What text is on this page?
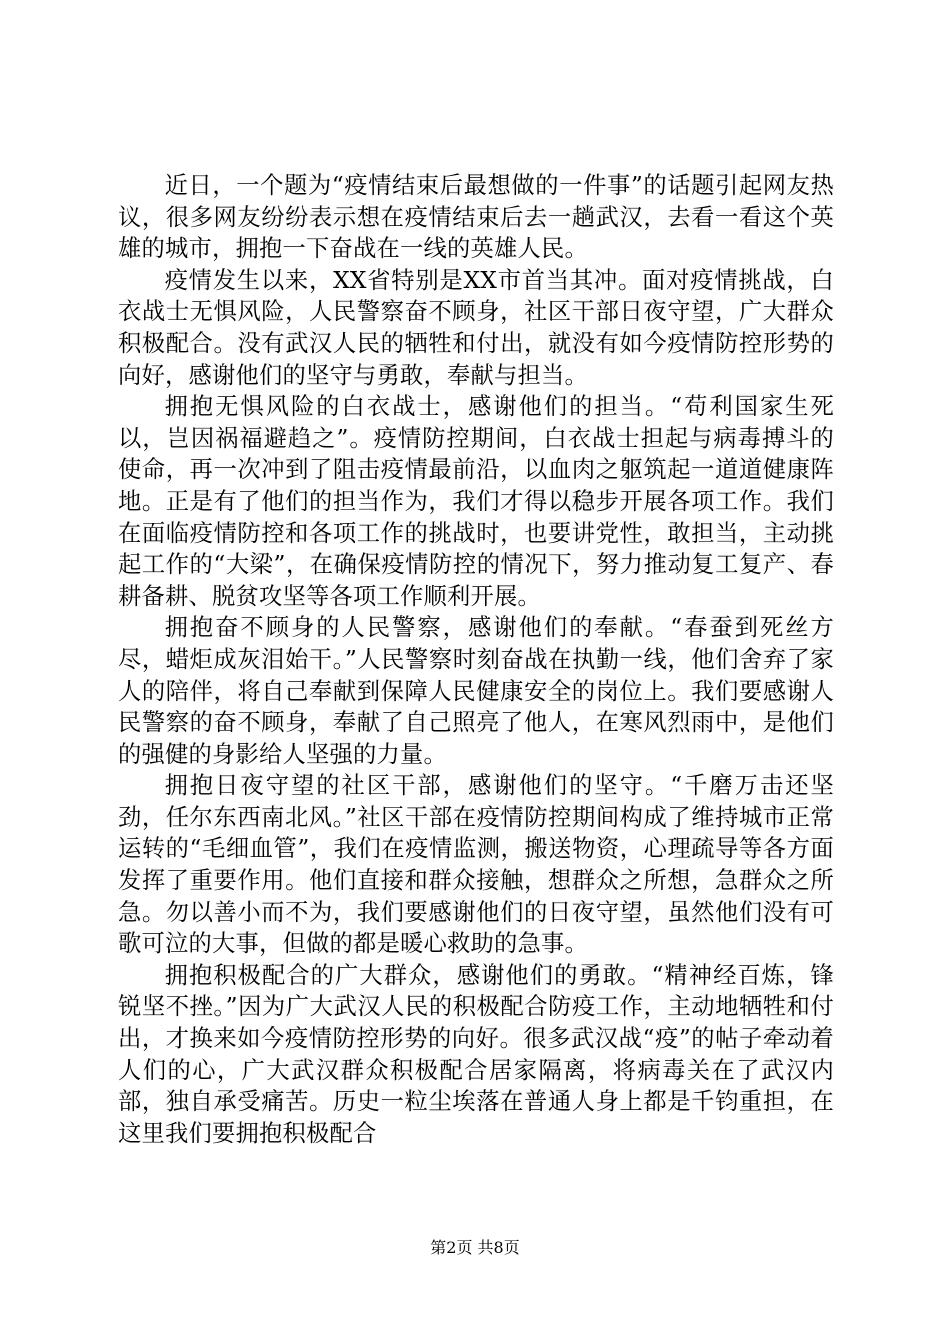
近日，一个题为“疫情结束后最想做的一件事”的话题引起网友热议，很多网友纷纷表示想在疫情结束后去一趟武汉，去看一看这个英雄的城市，拥抱一下奋战在一线的英雄人民。

疫情发生以来，XX省特别是XX市首当其冲。面对疫情挑战，白衣战士无惧风险，人民警察奋不顾身，社区干部日夜守望，广大群众积极配合。没有武汉人民的牺牲和付出，就没有如今疫情防控形势的向好，感谢他们的坚守与勇敢，奉献与担当。

拥抱无惧风险的白衣战士，感谢他们的担当。“苟利国家生死以，岂因祸福避趋之”。疫情防控期间，白衣战士担起与病毒搏斗的使命，再一次冲到了阻击疫情最前沿，以血肉之躯筑起一道道健康阵地。正是有了他们的担当作为，我们才得以稳步开展各项工作。我们在面临疫情防控和各项工作的挑战时，也要讲党性，敢担当，主动挑起工作的“大梁”，在确保疫情防控的情况下，努力推动复工复产、春耕备耕、脱贫攻坚等各项工作顺利开展。

拥抱奋不顾身的人民警察，感谢他们的奉献。“春蚕到死丝方尽，蜡炬成灰泪始干。”人民警察时刻奋战在执勤一线，他们舍弃了家人的陪伴，将自己奉献到保障人民健康安全的岗位上。我们要感谢人民警察的奋不顾身，奉献了自己照亮了他人，在寒风烈雨中，是他们的强健的身影给人坚强的力量。

拥抱日夜守望的社区干部，感谢他们的坚守。“千磨万击还坚劲，任尔东西南北风。”社区干部在疫情防控期间构成了维持城市正常运转的“毛细血管”，我们在疫情监测，搬送物资，心理疏导等各方面发挥了重要作用。他们直接和群众接触，想群众之所想，急群众之所急。勿以善小而不为，我们要感谢他们的日夜守望，虽然他们没有可歌可泣的大事，但做的都是暖心救助的急事。

拥抱积极配合的广大群众，感谢他们的勇敢。“精神经百炼，锋锐坚不挫。”因为广大武汉人民的积极配合防疫工作，主动地牺牲和付出，才换来如今疫情防控形势的向好。很多武汉战“疫”的帖子牵动着人们的心，广大武汉群众积极配合居家隔离，将病毒关在了武汉内部，独自承受痛苦。历史一粒尘埃落在普通人身上都是千钧重担，在这里我们要拥抱积极配合

第2页 共8页
